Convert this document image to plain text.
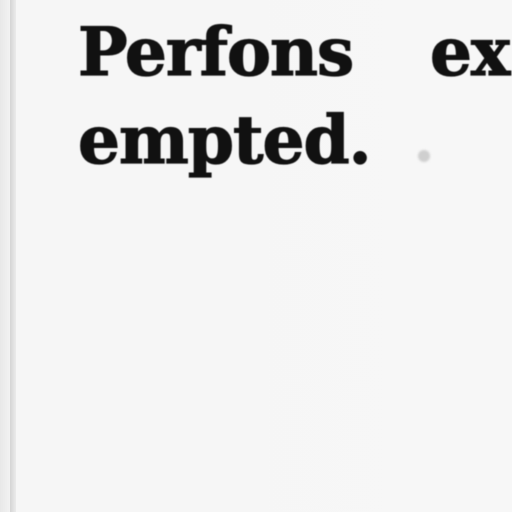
Perfons ex
empted.
